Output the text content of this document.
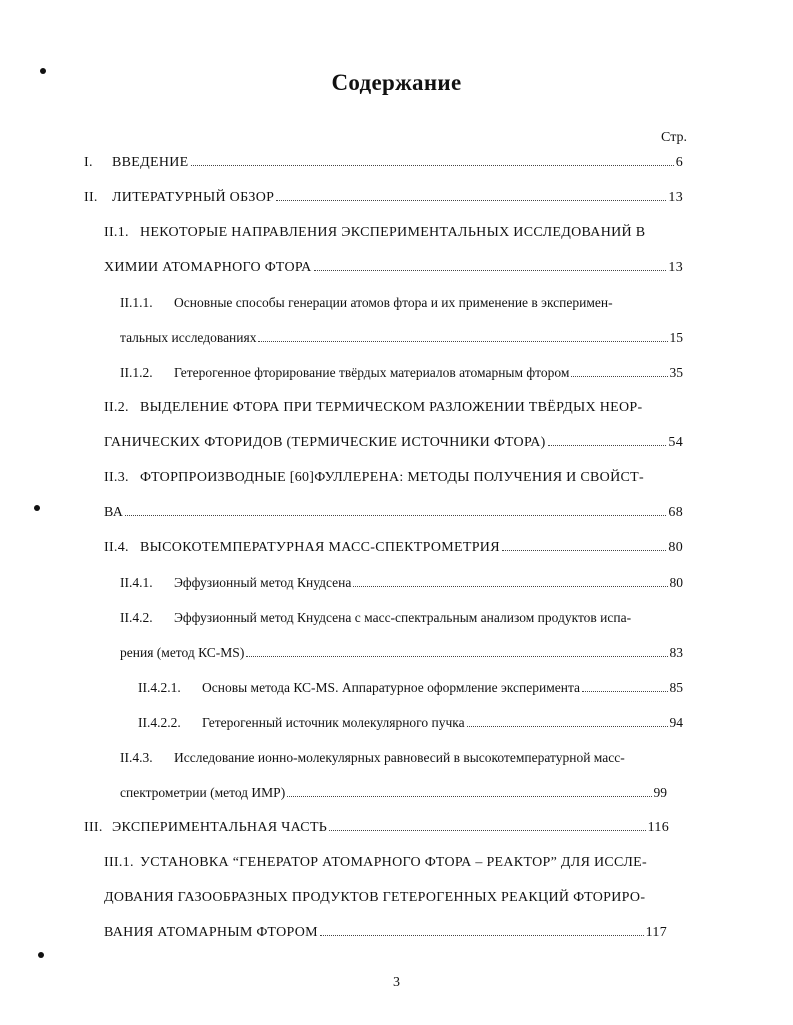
Содержание
Стр.
I.	ВВЕДЕНИЕ	6
II.	ЛИТЕРАТУРНЫЙ ОБЗОР	13
II.1. НЕКОТОРЫЕ НАПРАВЛЕНИЯ ЭКСПЕРИМЕНТАЛЬНЫХ ИССЛЕДОВАНИЙ В
ХИМИИ АТОМАРНОГО ФТОРА	13
II.1.1.	Основные способы генерации атомов фтора и их применение в эксперимен-
тальных исследованиях	15
II.1.2.	Гетерогенное фторирование твёрдых материалов атомарным фтором	35
II.2. ВЫДЕЛЕНИЕ ФТОРА ПРИ ТЕРМИЧЕСКОМ РАЗЛОЖЕНИИ ТВЁРДЫХ НЕОР-
ГАНИЧЕСКИХ ФТОРИДОВ (ТЕРМИЧЕСКИЕ ИСТОЧНИКИ ФТОРА)	54
II.3. ФТОРПРОИЗВОДНЫЕ [60]ФУЛЛЕРЕНА: МЕТОДЫ ПОЛУЧЕНИЯ И СВОЙСТ-
ВА	68
II.4. ВЫСОКОТЕМПЕРАТУРНАЯ МАСС-СПЕКТРОМЕТРИЯ	80
II.4.1.	Эффузионный метод Кнудсена	80
II.4.2.	Эффузионный метод Кнудсена с масс-спектральным анализом продуктов испа-
рения (метод КС-MS)	83
II.4.2.1.	Основы метода КС-MS. Аппаратурное оформление эксперимента	85
II.4.2.2.	Гетерогенный источник молекулярного пучка	94
II.4.3.	Исследование ионно-молекулярных равновесий в высокотемпературной масс-
спектрометрии (метод ИМР)	99
III. ЭКСПЕРИМЕНТАЛЬНАЯ ЧАСТЬ	116
III.1. УСТАНОВКА “ГЕНЕРАТОР АТОМАРНОГО ФТОРА – РЕАКТОР” ДЛЯ ИССЛЕ-
ДОВАНИЯ ГАЗООБРАЗНЫХ ПРОДУКТОВ ГЕТЕРОГЕННЫХ РЕАКЦИЙ ФТОРИРО-
ВАНИЯ АТОМАРНЫМ ФТОРОМ	117
3
